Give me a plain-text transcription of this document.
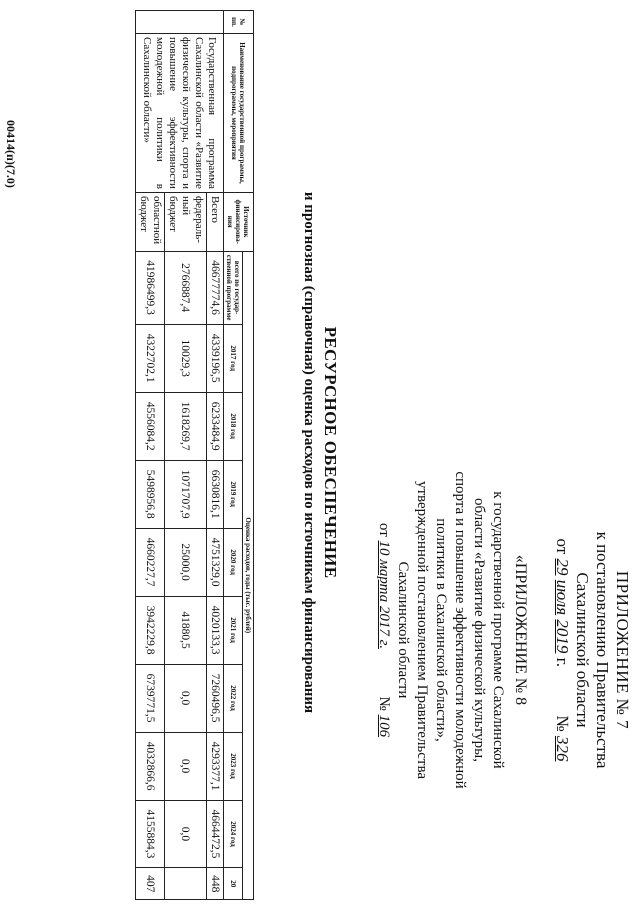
ПРИЛОЖЕНИЕ № 7
к постановлению Правительства
Сахалинской области
от 29 июля 2019 г.  № 326
«ПРИЛОЖЕНИЕ № 8
к государственной программе Сахалинской
области «Развитие физической культуры,
спорта и повышение эффективности молодежной
политики в Сахалинской области»,
утвержденной постановлением Правительства
Сахалинской области
от 10 марта 2017 г.  № 106
РЕСУРСНОЕ ОБЕСПЕЧЕНИЕ
и прогнозная (справочная) оценка расходов по источникам финансирования
№ пп.	Наименование государственной программы, подпрограммы, мероприятия	Источник финансирова-ния	Оценка расходов, годы (тыс. рублей)									
			всего по государ-ственной программе	2017 год	2018 год	2019 год	2020 год	2021 год	2022 год	2023 год	2024 год	20
	Государственная программа Сахалинской области «Развитие физической культуры, спорта и повышение эффективности молодежной политики в Сахалинской области»	Всего	46677774,6	4339196,5	6233484,9	6630816,1	4751329,0	4020133,3	7260496,5	4293377,1	4664472,5	448
		федераль-ный бюджет	2766887,4	10029,3	1618269,7	1071707,9	25000,0	41880,5	0,0	0,0	0,0	
		областной бюджет	41986499,3	4322702,1	4556084,2	5498956,8	4660227,7	3942229,8	6739771,5	4032866,6	4155884,3	407
00414(п)(7.0)
